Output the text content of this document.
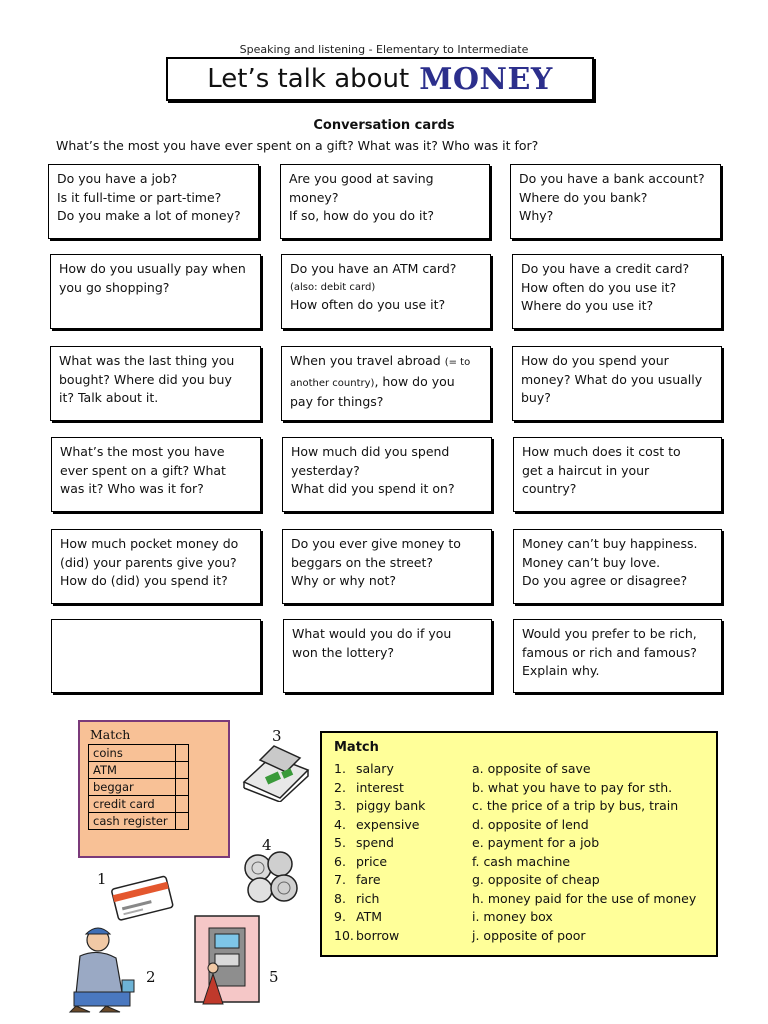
Speaking and listening - Elementary to Intermediate
Let’s talk about MONEY
Conversation cards
What’s the most you have ever spent on a gift? What was it? Who was it for?
Do you have a job?
Is it full-time or part-time?
Do you make a lot of money?
Are you good at saving
money?
If so, how do you do it?
Do you have a bank account?
Where do you bank?
Why?
How do you usually pay when
you go shopping?
Do you have an ATM card?
(also: debit card)
How often do you use it?
Do you have a credit card?
How often do you use it?
Where do you use it?
What was the last thing you
bought? Where did you buy
it? Talk about it.
When you travel abroad (= to
another country), how do you
pay for things?
How do you spend your
money? What do you usually
buy?
What’s the most you have
ever spent on a gift? What
was it? Who was it for?
How much did you spend
yesterday?
What did you spend it on?
How much does it cost to
get a haircut in your
country?
How much pocket money do
(did) your parents give you?
How do (did) you spend it?
Do you ever give money to
beggars on the street?
Why or why not?
Money can’t buy happiness.
Money can’t buy love.
Do you agree or disagree?
What would you do if you
won the lottery?
Would you prefer to be rich,
famous or rich and famous?
Explain why.
Match
coins	
ATM	
beggar	
credit card	
cash register	
1
2
3
4
5
Match
1. salary	a. opposite of save
2. interest	b. what you have to pay for sth.
3. piggy bank	c. the price of a trip by bus, train
4. expensive	d. opposite of lend
5. spend	e. payment for a job
6. price	f. cash machine
7. fare	g. opposite of cheap
8. rich	h. money paid for the use of money
9. ATM	i. money box
10. borrow	j. opposite of poor
